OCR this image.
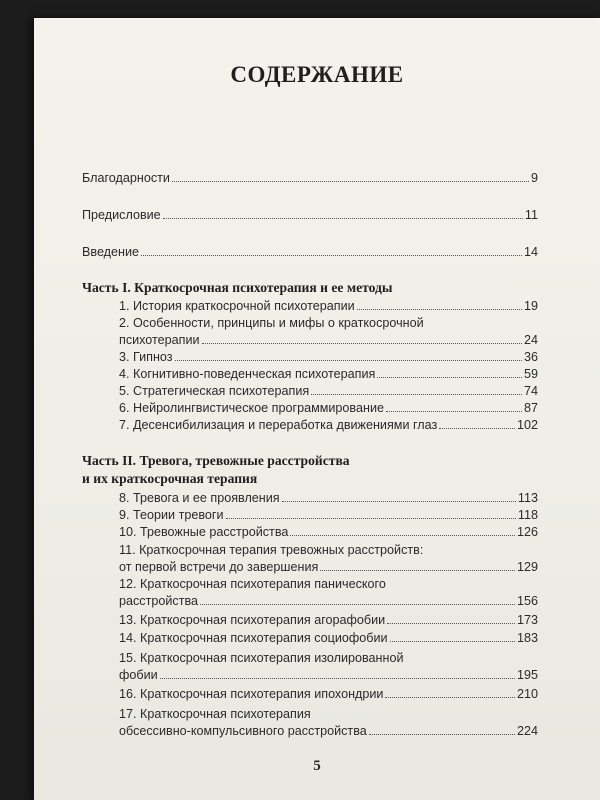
СОДЕРЖАНИЕ
Благодарности	9
Предисловие	11
Введение	14
Часть I. Краткосрочная психотерапия и ее методы
1. История краткосрочной психотерапии	19
2. Особенности, принципы и мифы о краткосрочной
психотерапии	24
3. Гипноз	36
4. Когнитивно-поведенческая психотерапия	59
5. Стратегическая психотерапия	74
6. Нейролингвистическое программирование	87
7. Десенсибилизация и переработка движениями глаз	102
Часть II. Тревога, тревожные расстройства
и их краткосрочная терапия
8. Тревога и ее проявления	113
9. Теории тревоги	118
10. Тревожные расстройства	126
11. Краткосрочная терапия тревожных расстройств:
от первой встречи до завершения	129
12. Краткосрочная психотерапия панического
расстройства	156
13. Краткосрочная психотерапия агорафобии	173
14. Краткосрочная психотерапия социофобии	183
15. Краткосрочная психотерапия изолированной
фобии	195
16. Краткосрочная психотерапия ипохондрии	210
17. Краткосрочная психотерапия
обсессивно-компульсивного расстройства	224
5
